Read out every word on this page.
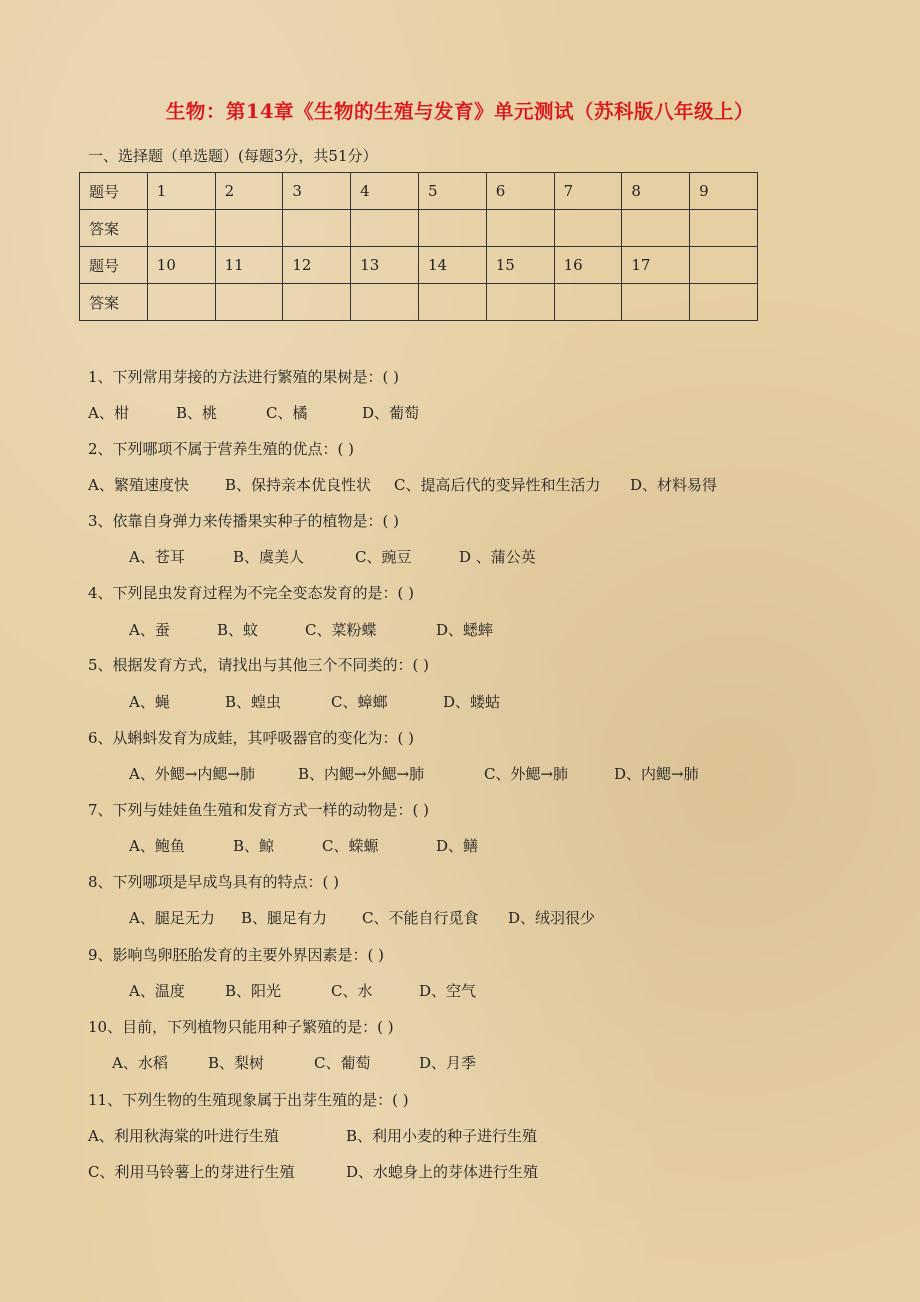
生物：第14章《生物的生殖与发育》单元测试（苏科版八年级上）
一、选择题（单选题）(每题3分，共51分）
题号	1	2	3	4	5	6	7	8	9
答案									
题号	10	11	12	13	14	15	16	17	
答案									
1、下列常用芽接的方法进行繁殖的果树是：( )
A、柑	B、桃	C、橘	D、葡萄
2、下列哪项不属于营养生殖的优点：( )
A、繁殖速度快 B、保持亲本优良性状 C、提高后代的变异性和生活力 D、材料易得
3、依靠自身弹力来传播果实种子的植物是：( )
A、苍耳	B、虞美人	C、豌豆	D 、蒲公英
4、下列昆虫发育过程为不完全变态发育的是：( )
A、蚕	B、蚊	C、菜粉蝶	D、蟋蟀
5、根据发育方式，请找出与其他三个不同类的：( )
A、蝇	B、蝗虫	C、蟑螂	D、蝼蛄
6、从蝌蚪发育为成蛙，其呼吸器官的变化为：( )
A、外鳃→内鳃→肺	B、内鳃→外鳃→肺	C、外鳃→肺	D、内鳃→肺
7、下列与娃娃鱼生殖和发育方式一样的动物是：( )
A、鲍鱼	B、鲸	C、蝾螈	D、鳝
8、下列哪项是早成鸟具有的特点：( )
A、腿足无力 B、腿足有力 C、不能自行觅食 D、绒羽很少
9、影响鸟卵胚胎发育的主要外界因素是：( )
A、温度	B、阳光	C、水	D、空气
10、目前，下列植物只能用种子繁殖的是：( )
A、水稻	B、梨树	C、葡萄	D、月季
11、下列生物的生殖现象属于出芽生殖的是：( )
A、利用秋海棠的叶进行生殖	B、利用小麦的种子进行生殖
C、利用马铃薯上的芽进行生殖	D、水螅身上的芽体进行生殖
